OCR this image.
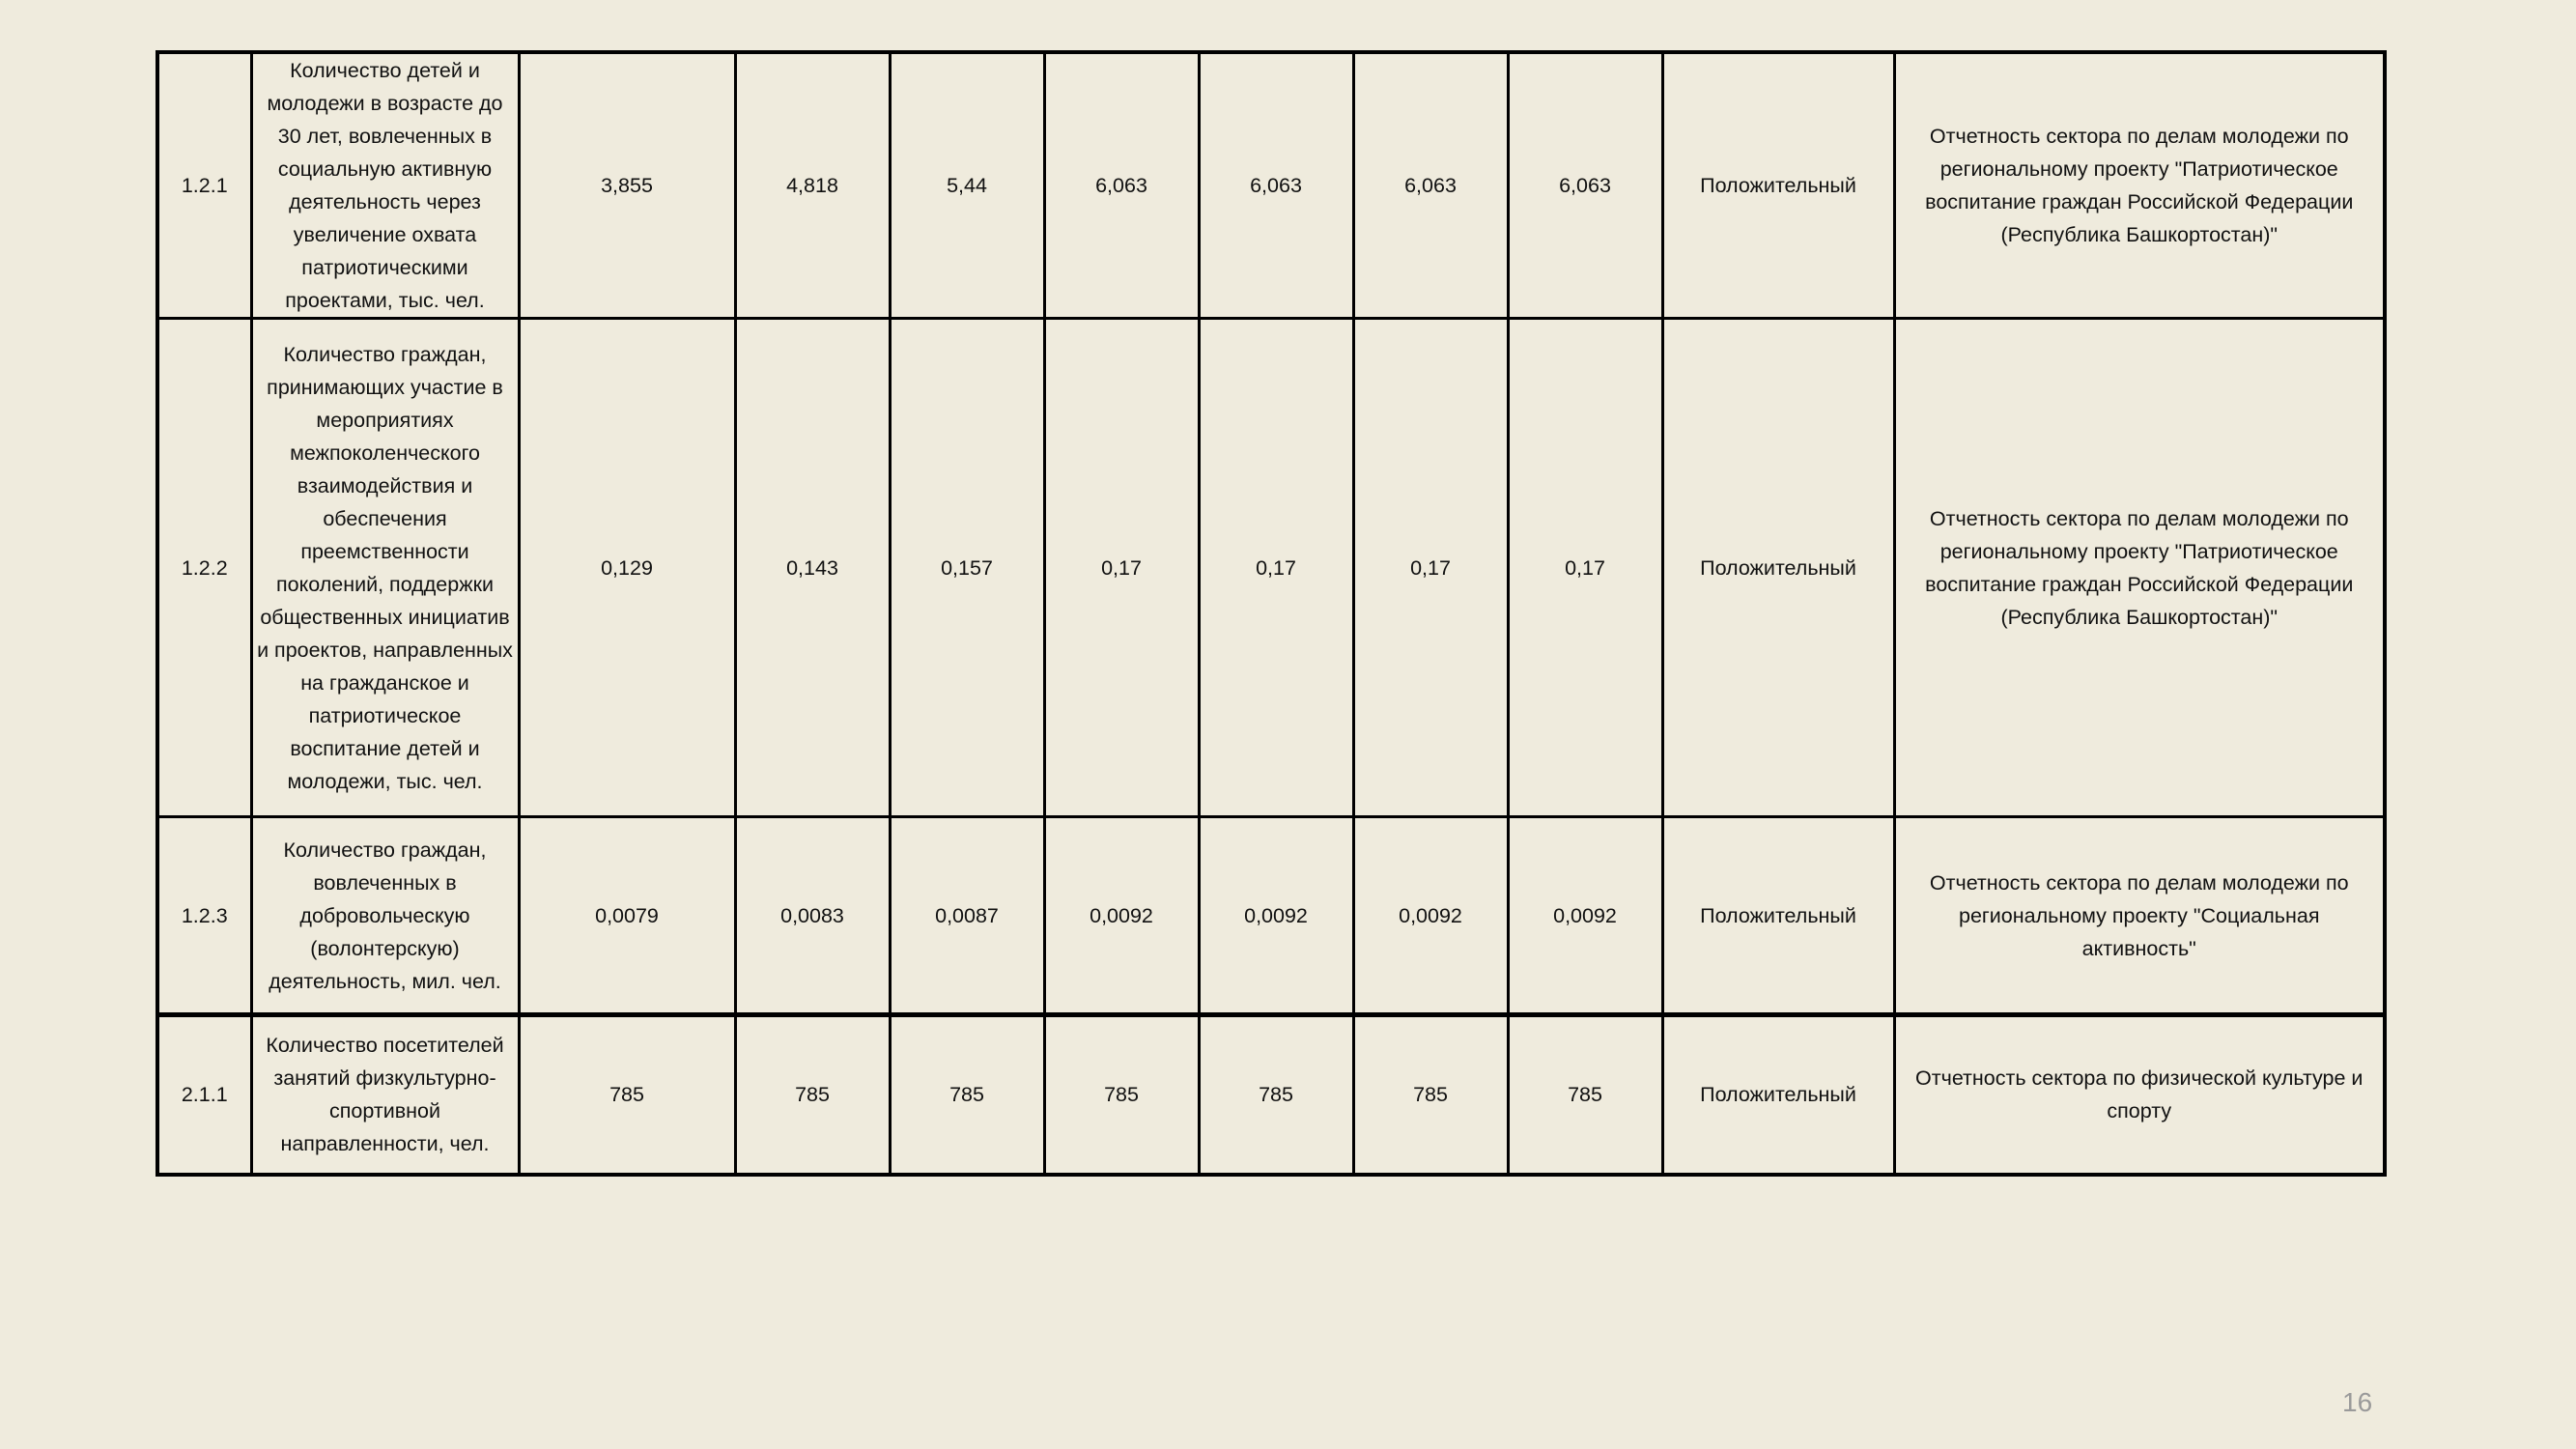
1.2.1	Количество детей и молодежи в возрасте до 30 лет, вовлеченных в социальную активную деятельность через увеличение охвата патриотическими проектами, тыс. чел.	3,855	4,818	5,44	6,063	6,063	6,063	6,063	Положительный	Отчетность сектора по делам молодежи по региональному проекту "Патриотическое воспитание граждан Российской Федерации (Республика Башкортостан)"
1.2.2	Количество граждан, принимающих участие в мероприятиях межпоколенческого взаимодействия и обеспечения преемственности поколений, поддержки общественных инициатив и проектов, направленных на гражданское и патриотическое воспитание детей и молодежи, тыс. чел.	0,129	0,143	0,157	0,17	0,17	0,17	0,17	Положительный	Отчетность сектора по делам молодежи по региональному проекту "Патриотическое воспитание граждан Российской Федерации (Республика Башкортостан)"
1.2.3	Количество граждан, вовлеченных в добровольческую (волонтерскую) деятельность, мил. чел.	0,0079	0,0083	0,0087	0,0092	0,0092	0,0092	0,0092	Положительный	Отчетность сектора по делам молодежи по региональному проекту "Социальная активность"
2.1.1	Количество посетителей занятий физкультурно-спортивной направленности, чел.	785	785	785	785	785	785	785	Положительный	Отчетность сектора по физической культуре и спорту
16
